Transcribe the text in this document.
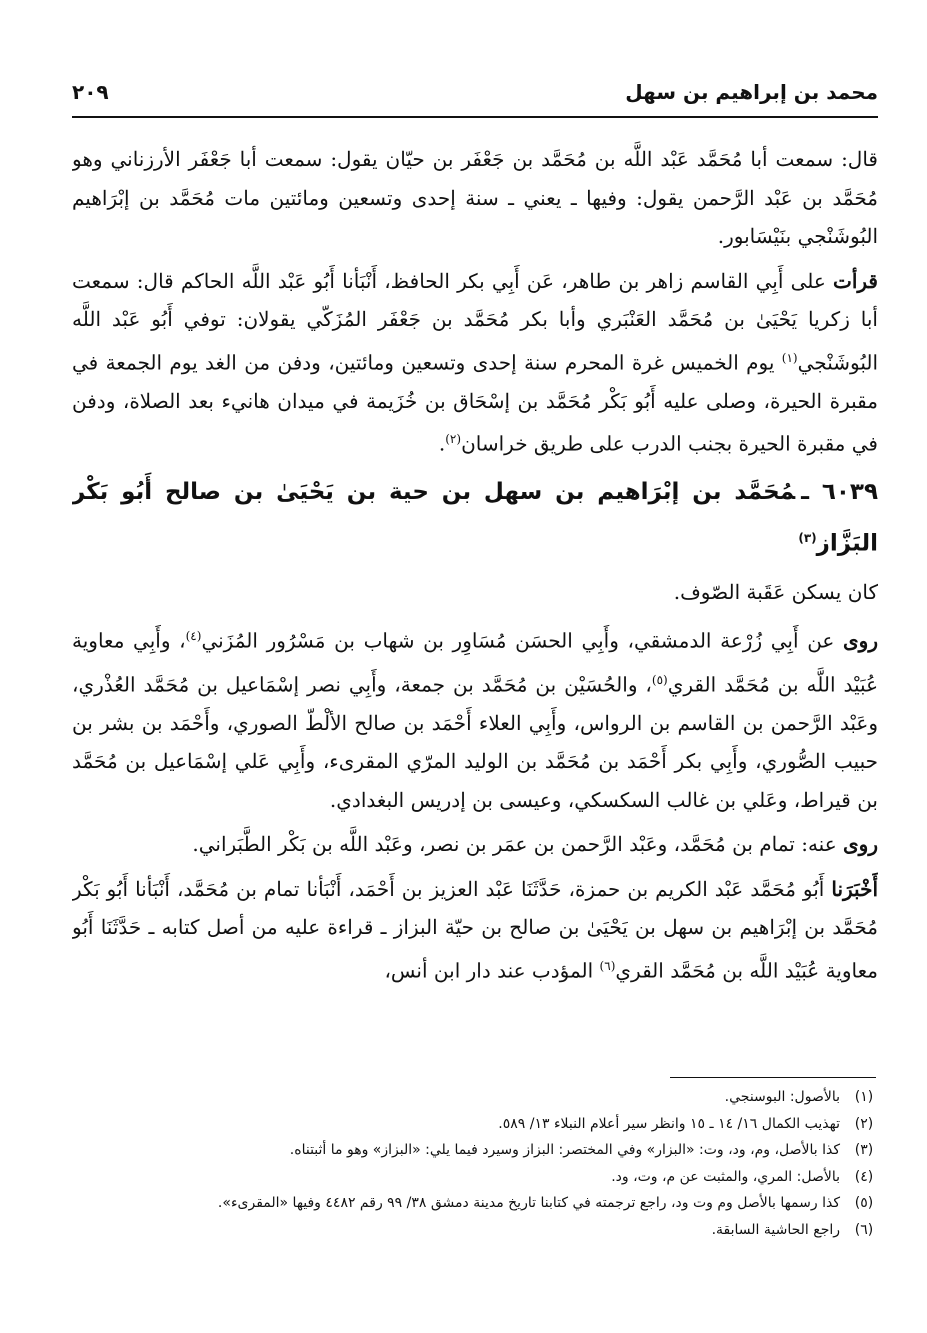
محمد بن إبراهيم بن سهل
٢٠٩

قال: سمعت أبا مُحَمَّد عَبْد اللَّه بن مُحَمَّد بن جَعْفَر بن حيّان يقول: سمعت أبا جَعْفَر الأرزناني وهو مُحَمَّد بن عَبْد الرَّحمن يقول: وفيها ـ يعني ـ سنة إحدى وتسعين ومائتين مات مُحَمَّد بن إبْرَاهيم البُوشَنْجي بنَيْسَابور.

قرأت على أَبِي القاسم زاهر بن طاهر، عَن أَبِي بكر الحافظ، أَنْبَأنا أَبُو عَبْد اللَّه الحاكم قال: سمعت أبا زكريا يَحْيَىٰ بن مُحَمَّد العَنْبَري وأبا بكر مُحَمَّد بن جَعْفَر المُزَكّي يقولان: توفي أَبُو عَبْد اللَّه البُوشَنْجي$^{(١)}$ يوم الخميس غرة المحرم سنة إحدى وتسعين ومائتين، ودفن من الغد يوم الجمعة في مقبرة الحيرة، وصلى عليه أَبُو بَكْر مُحَمَّد بن إسْحَاق بن خُزَيمة في ميدان هانيء بعد الصلاة، ودفن في مقبرة الحيرة بجنب الدرب على طريق خراسان$^{(٢)}$.

٦٠٣٩ ـمُحَمَّد بن إبْرَاهيم بن سهل بن حية بن يَحْيَىٰ بن صالح أَبُو بَكْر البَزَّاز$^{(٣)}$

كان يسكن عَقَبة الصّوف.

روى عن أَبِي زُرْعة الدمشقي، وأَبِي الحسَن مُسَاوِر بن شهاب بن مَسْرُور المُزَني$^{(٤)}$، وأَبِي معاوية عُبَيْد اللَّه بن مُحَمَّد القري$^{(٥)}$، والحُسَيْن بن مُحَمَّد بن جمعة، وأَبِي نصر إسْمَاعيل بن مُحَمَّد العُذْري، وعَبْد الرَّحمن بن القاسم بن الرواس، وأَبِي العلاء أَحْمَد بن صالح الألْطّ الصوري، وأَحْمَد بن بشر بن حبيب الصُّوري، وأَبِي بكر أَحْمَد بن مُحَمَّد بن الوليد المرّي المقرىء، وأَبِي عَلي إسْمَاعيل بن مُحَمَّد بن قيراط، وعَلي بن غالب السكسكي، وعيسى بن إدريس البغدادي.

روى عنه: تمام بن مُحَمَّد، وعَبْد الرَّحمن بن عمَر بن نصر، وعَبْد اللَّه بن بَكْر الطَّبَراني.

أَخْبَرَنا أَبُو مُحَمَّد عَبْد الكريم بن حمزة، حَدَّثَنَا عَبْد العزيز بن أَحْمَد، أَنْبَأنا تمام بن مُحَمَّد، أَنْبَأنا أَبُو بَكْر مُحَمَّد بن إبْرَاهيم بن سهل بن يَحْيَىٰ بن صالح بن حيّة البزاز ـ قراءة عليه من أصل كتابه ـ حَدَّثَنَا أَبُو معاوية عُبَيْد اللَّه بن مُحَمَّد القري$^{(٦)}$ المؤدب عند دار ابن أنس،

(١)
بالأصول: البوسنجي.
(٢)
تهذيب الكمال ١٦/ ١٤ ـ ١٥ وانظر سير أعلام النبلاء ١٣/ ٥٨٩.
(٣)
كذا بالأصل، وم، ود، وت: «البزار» وفي المختصر: البزاز وسيرد فيما يلي: «البزاز» وهو ما أثبتناه.
(٤)
بالأصل: المري، والمثبت عن م، وت، ود.
(٥)
كذا رسمها بالأصل وم وت ود، راجع ترجمته في كتابنا تاريخ مدينة دمشق ٣٨/ ٩٩ رقم ٤٤٨٢ وفيها «المقرىء».
(٦)
راجع الحاشية السابقة.
